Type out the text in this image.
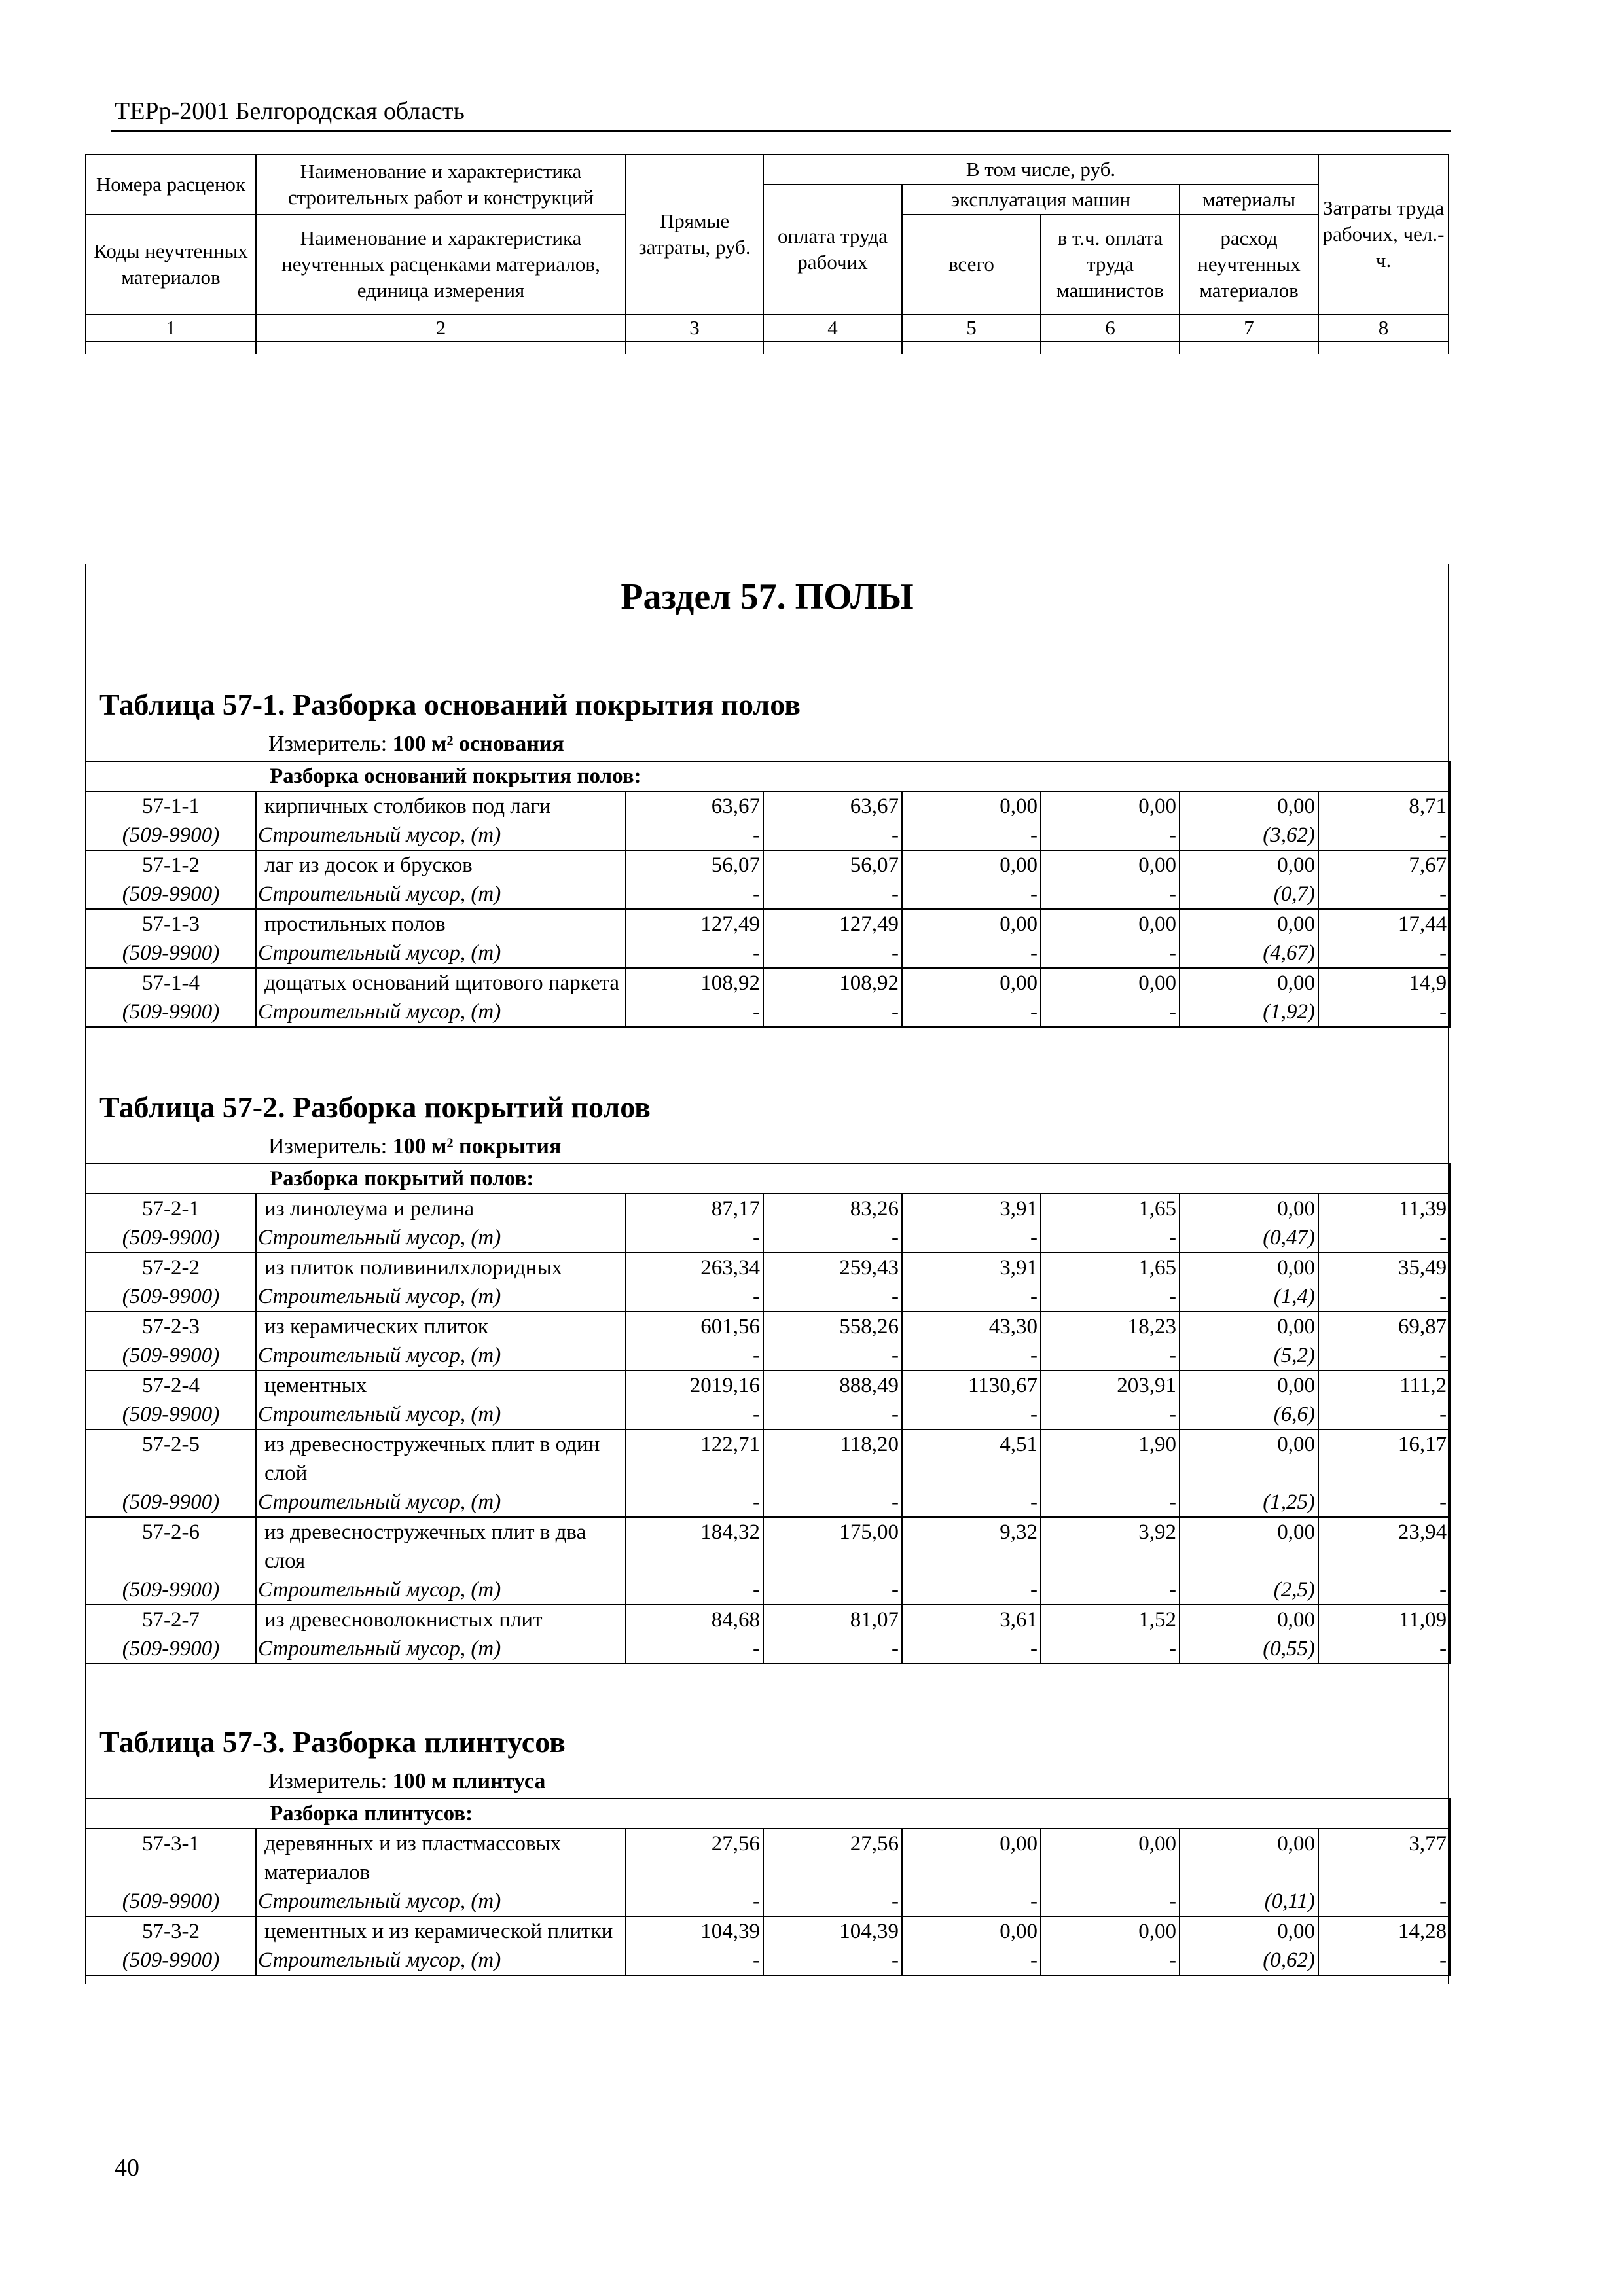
ТЕРр-2001 Белгородская область
Номера расценок	Наименование и характеристика строительных работ и конструкций	Прямые затраты, руб.	В том числе, руб.				Затраты труда рабочих, чел.-ч.
			оплата труда рабочих	эксплуатация машин		материалы	
Коды неучтенных материалов	Наименование и характеристика неучтенных расценками материалов, единица измерения			всего	в т.ч. оплата труда машинистов	расход неучтенных материалов	

1	2	3	4	5	6	7	8

Раздел 57. ПОЛЫ
Таблица 57-1. Разборка оснований покрытия полов
Измеритель: 100 м² основания
Разборка оснований покрытия полов:							
57-1-1	кирпичных столбиков под лаги	63,67	63,67	0,00	0,00	0,00	8,71
(509-9900)	Строительный мусор, (т)	-	-	-	-	(3,62)	-
57-1-2	лаг из досок и брусков	56,07	56,07	0,00	0,00	0,00	7,67
(509-9900)	Строительный мусор, (т)	-	-	-	-	(0,7)	-
57-1-3	простильных полов	127,49	127,49	0,00	0,00	0,00	17,44
(509-9900)	Строительный мусор, (т)	-	-	-	-	(4,67)	-
57-1-4	дощатых оснований щитового паркета	108,92	108,92	0,00	0,00	0,00	14,9
(509-9900)	Строительный мусор, (т)	-	-	-	-	(1,92)	-
Таблица 57-2. Разборка покрытий полов
Измеритель: 100 м² покрытия
Разборка покрытий полов:							
57-2-1	из линолеума и релина	87,17	83,26	3,91	1,65	0,00	11,39
(509-9900)	Строительный мусор, (т)	-	-	-	-	(0,47)	-
57-2-2	из плиток поливинилхлоридных	263,34	259,43	3,91	1,65	0,00	35,49
(509-9900)	Строительный мусор, (т)	-	-	-	-	(1,4)	-
57-2-3	из керамических плиток	601,56	558,26	43,30	18,23	0,00	69,87
(509-9900)	Строительный мусор, (т)	-	-	-	-	(5,2)	-
57-2-4	цементных	2019,16	888,49	1130,67	203,91	0,00	111,2
(509-9900)	Строительный мусор, (т)	-	-	-	-	(6,6)	-
57-2-5	из древесностружечных плит в один слой	122,71	118,20	4,51	1,90	0,00	16,17
(509-9900)	Строительный мусор, (т)	-	-	-	-	(1,25)	-
57-2-6	из древесностружечных плит в два слоя	184,32	175,00	9,32	3,92	0,00	23,94
(509-9900)	Строительный мусор, (т)	-	-	-	-	(2,5)	-
57-2-7	из древесноволокнистых плит	84,68	81,07	3,61	1,52	0,00	11,09
(509-9900)	Строительный мусор, (т)	-	-	-	-	(0,55)	-
Таблица 57-3. Разборка плинтусов
Измеритель: 100 м плинтуса
Разборка плинтусов:							
57-3-1	деревянных и из пластмассовых материалов	27,56	27,56	0,00	0,00	0,00	3,77
(509-9900)	Строительный мусор, (т)	-	-	-	-	(0,11)	-
57-3-2	цементных и из керамической плитки	104,39	104,39	0,00	0,00	0,00	14,28
(509-9900)	Строительный мусор, (т)	-	-	-	-	(0,62)	-
40
